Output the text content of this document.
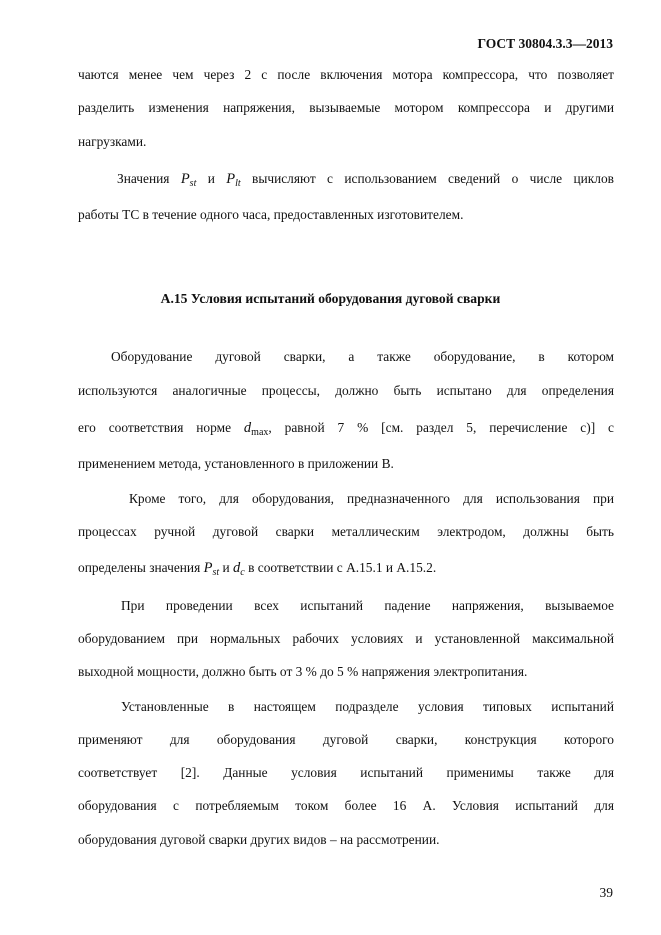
ГОСТ 30804.3.3—2013
чаются менее чем через 2 с после включения мотора компрессора, что позволяет
разделить изменения напряжения, вызываемые мотором компрессора и другими
нагрузками.
Значения $P_{st}$ и $P_{lt}$ вычисляют с использованием сведений о числе циклов
работы ТС в течение одного часа, предоставленных изготовителем.
А.15 Условия испытаний оборудования дуговой сварки
Оборудование дуговой сварки, а также оборудование, в котором
используются аналогичные процессы, должно быть испытано для определения
его соответствия норме $d_{max}$, равной 7 % [см. раздел 5, перечисление с)] с
применением метода, установленного в приложении В.
Кроме того, для оборудования, предназначенного для использования при
процессах ручной дуговой сварки металлическим электродом, должны быть
определены значения $P_{st}$ и $d_c$ в соответствии с А.15.1 и А.15.2.
При проведении всех испытаний падение напряжения, вызываемое
оборудованием при нормальных рабочих условиях и установленной максимальной
выходной мощности, должно быть от 3 % до 5 % напряжения электропитания.
Установленные в настоящем подразделе условия типовых испытаний
применяют для оборудования дуговой сварки, конструкция которого
соответствует [2]. Данные условия испытаний применимы также для
оборудования с потребляемым током более 16 А. Условия испытаний для
оборудования дуговой сварки других видов – на рассмотрении.
39
